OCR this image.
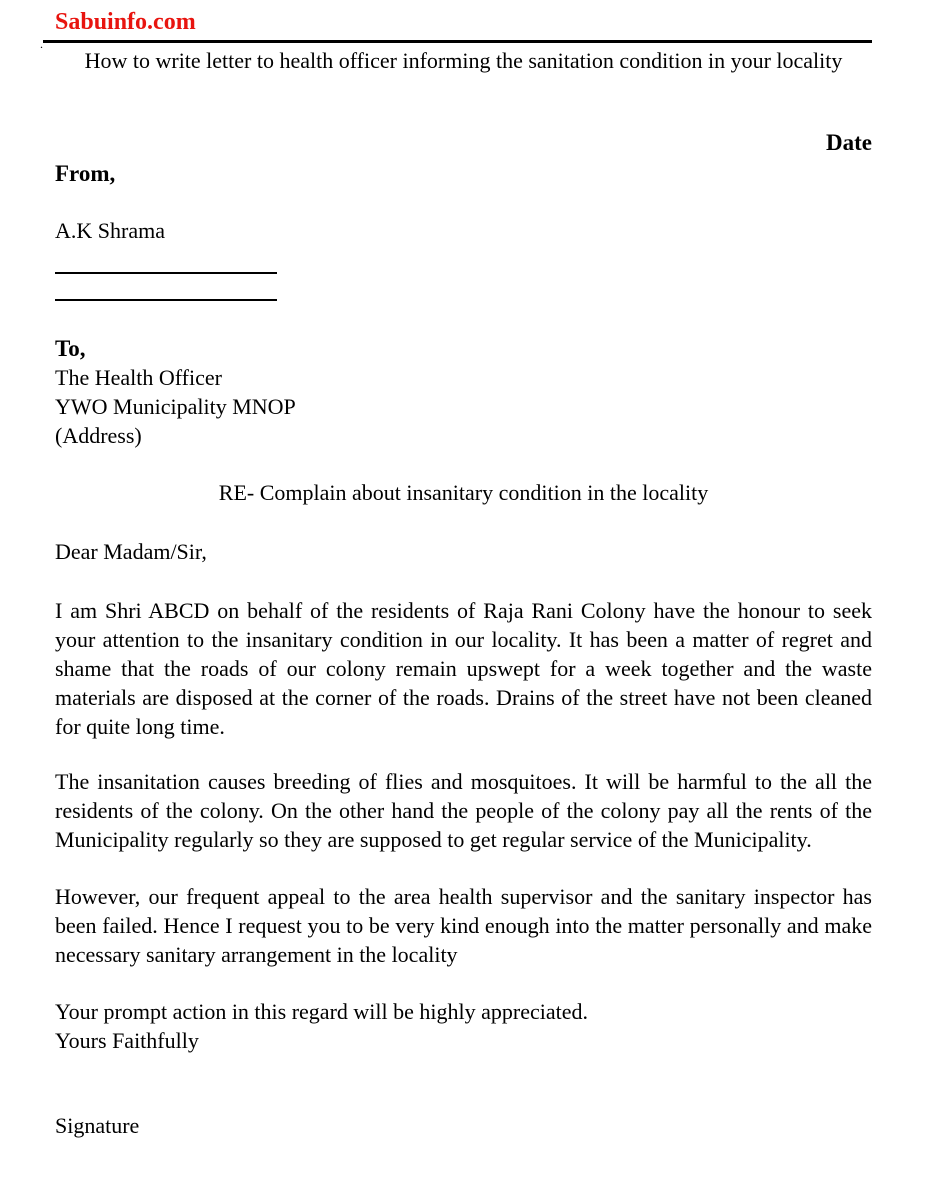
Sabuinfo.com
.
How to write letter to health officer informing the sanitation condition in your locality
Date
From,
A.K Shrama
To,
The Health Officer
YWO Municipality MNOP
(Address)
RE- Complain about insanitary condition in the locality
Dear Madam/Sir,

I am Shri ABCD on behalf of the residents of Raja Rani Colony have the honour to seek your attention to the insanitary condition in our locality. It has been a matter of regret and shame that the roads of our colony remain upswept for a week together and the waste materials are disposed at the corner of the roads. Drains of the street have not been cleaned for quite long time.

The insanitation causes breeding of flies and mosquitoes. It will be harmful to the all the residents of the colony. On the other hand the people of the colony pay all the rents of the Municipality regularly so they are supposed to get regular service of the Municipality.

However, our frequent appeal to the area health supervisor and the sanitary inspector has been failed. Hence I request you to be very kind enough into the matter personally and make necessary sanitary arrangement in the locality

Your prompt action in this regard will be highly appreciated.
Yours Faithfully
Signature
